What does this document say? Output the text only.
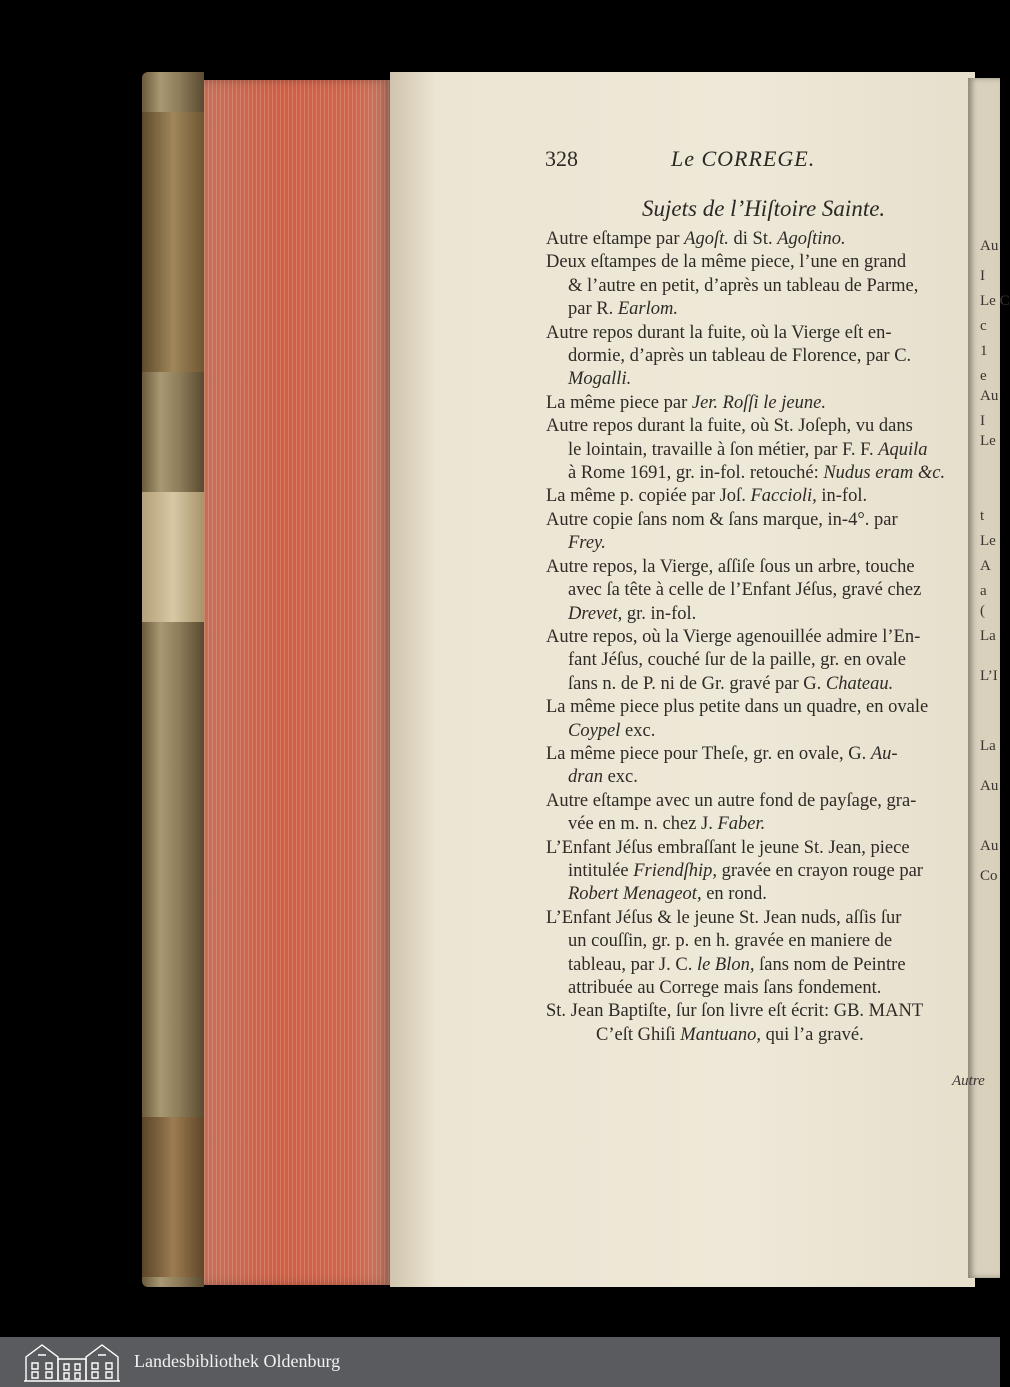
Au
I
Le C
c
1
e
Au
I
Le
t
Le
A
a
(
La
L’I
La
Au
Au
Co
328	Le CORREGE.
Sujets de l’Hiſtoire Sainte.
Autre eſtampe par Agoſt. di St. Agoſtino.
Deux eſtampes de la même piece, l’une en grand
& l’autre en petit, d’après un tableau de Parme,
par R. Earlom.
Autre repos durant la fuite, où la Vierge eſt en-
dormie, d’après un tableau de Florence, par C.
Mogalli.
La même piece par Jer. Roſſi le jeune.
Autre repos durant la fuite, où St. Joſeph, vu dans
le lointain, travaille à ſon métier, par F. F. Aquila
à Rome 1691, gr. in-fol. retouché: Nudus eram &c.
La même p. copiée par Joſ. Faccioli, in-fol.
Autre copie ſans nom & ſans marque, in-4°. par
Frey.
Autre repos, la Vierge, aſſiſe ſous un arbre, touche
avec ſa tête à celle de l’Enfant Jéſus, gravé chez
Drevet, gr. in-fol.
Autre repos, où la Vierge agenouillée admire l’En-
fant Jéſus, couché ſur de la paille, gr. en ovale
ſans n. de P. ni de Gr. gravé par G. Chateau.
La même piece plus petite dans un quadre, en ovale
Coypel exc.
La même piece pour Theſe, gr. en ovale, G. Au-
dran exc.
Autre eſtampe avec un autre fond de payſage, gra-
vée en m. n. chez J. Faber.
L’Enfant Jéſus embraſſant le jeune St. Jean, piece
intitulée Friendſhip, gravée en crayon rouge par
Robert Menageot, en rond.
L’Enfant Jéſus & le jeune St. Jean nuds, aſſis ſur
un couſſin, gr. p. en h. gravée en maniere de
tableau, par J. C. le Blon, ſans nom de Peintre
attribuée au Correge mais ſans fondement.
St. Jean Baptiſte, ſur ſon livre eſt écrit: GB. MANT
C’eſt Ghiſi Mantuano, qui l’a gravé.
Autre
Landesbibliothek Oldenburg
